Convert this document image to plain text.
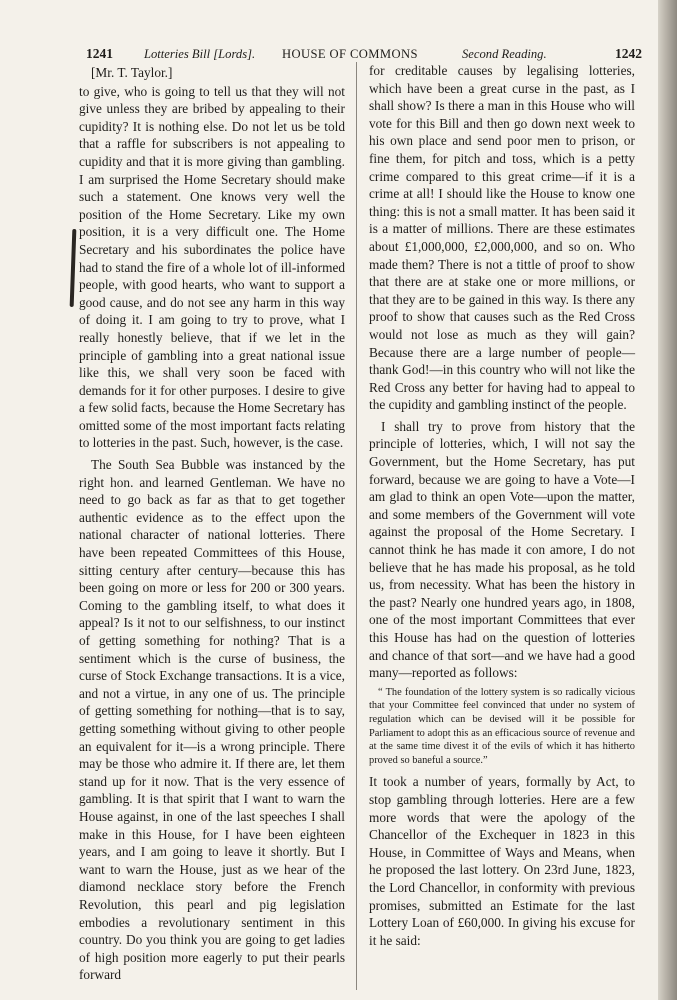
1241 Lotteries Bill [Lords]. HOUSE OF COMMONS	Second Reading.	1242
[Mr. T. Taylor.]

to give, who is going to tell us that they will not give unless they are bribed by appealing to their cupidity? It is nothing else. Do not let us be told that a raffle for subscribers is not appealing to cupidity and that it is more giving than gambling. I am surprised the Home Secretary should make such a statement. One knows very well the position of the Home Secretary. Like my own position, it is a very difficult one. The Home Secretary and his subordinates the police have had to stand the fire of a whole lot of ill-informed people, with good hearts, who want to support a good cause, and do not see any harm in this way of doing it. I am going to try to prove, what I really honestly believe, that if we let in the principle of gambling into a great national issue like this, we shall very soon be faced with demands for it for other purposes. I desire to give a few solid facts, because the Home Secretary has omitted some of the most important facts relating to lotteries in the past. Such, however, is the case.

The South Sea Bubble was instanced by the right hon. and learned Gentleman. We have no need to go back as far as that to get together authentic evidence as to the effect upon the national character of national lotteries. There have been repeated Committees of this House, sitting century after century—because this has been going on more or less for 200 or 300 years. Coming to the gambling itself, to what does it appeal? Is it not to our selfishness, to our instinct of getting something for nothing? That is a sentiment which is the curse of business, the curse of Stock Exchange transactions. It is a vice, and not a virtue, in any one of us. The principle of getting something for nothing—that is to say, getting something without giving to other people an equivalent for it—is a wrong principle. There may be those who admire it. If there are, let them stand up for it now. That is the very essence of gambling. It is that spirit that I want to warn the House against, in one of the last speeches I shall make in this House, for I have been eighteen years, and I am going to leave it shortly. But I want to warn the House, just as we hear of the diamond necklace story before the French Revolution, this pearl and pig legislation embodies a revolutionary sentiment in this country. Do you think you are going to get ladies of high position more eagerly to put their pearls forward

for creditable causes by legalising lotteries, which have been a great curse in the past, as I shall show? Is there a man in this House who will vote for this Bill and then go down next week to his own place and send poor men to prison, or fine them, for pitch and toss, which is a petty crime compared to this great crime—if it is a crime at all! I should like the House to know one thing: this is not a small matter. It has been said it is a matter of millions. There are these estimates about £1,000,000, £2,000,000, and so on. Who made them? There is not a tittle of proof to show that there are at stake one or more millions, or that they are to be gained in this way. Is there any proof to show that causes such as the Red Cross would not lose as much as they will gain? Because there are a large number of people—thank God!—in this country who will not like the Red Cross any better for having had to appeal to the cupidity and gambling instinct of the people.

I shall try to prove from history that the principle of lotteries, which, I will not say the Government, but the Home Secretary, has put forward, because we are going to have a Vote—I am glad to think an open Vote—upon the matter, and some members of the Government will vote against the proposal of the Home Secretary. I cannot think he has made it con amore, I do not believe that he has made his proposal, as he told us, from necessity. What has been the history in the past? Nearly one hundred years ago, in 1808, one of the most important Committees that ever this House has had on the question of lotteries and chance of that sort—and we have had a good many—reported as follows:

“ The foundation of the lottery system is so radically vicious that your Committee feel convinced that under no system of regulation which can be devised will it be possible for Parliament to adopt this as an efficacious source of revenue and at the same time divest it of the evils of which it has hitherto proved so baneful a source.”

It took a number of years, formally by Act, to stop gambling through lotteries. Here are a few more words that were the apology of the Chancellor of the Exchequer in 1823 in this House, in Committee of Ways and Means, when he proposed the last lottery. On 23rd June, 1823, the Lord Chancellor, in conformity with previous promises, submitted an Estimate for the last Lottery Loan of £60,000. In giving his excuse for it he said:
